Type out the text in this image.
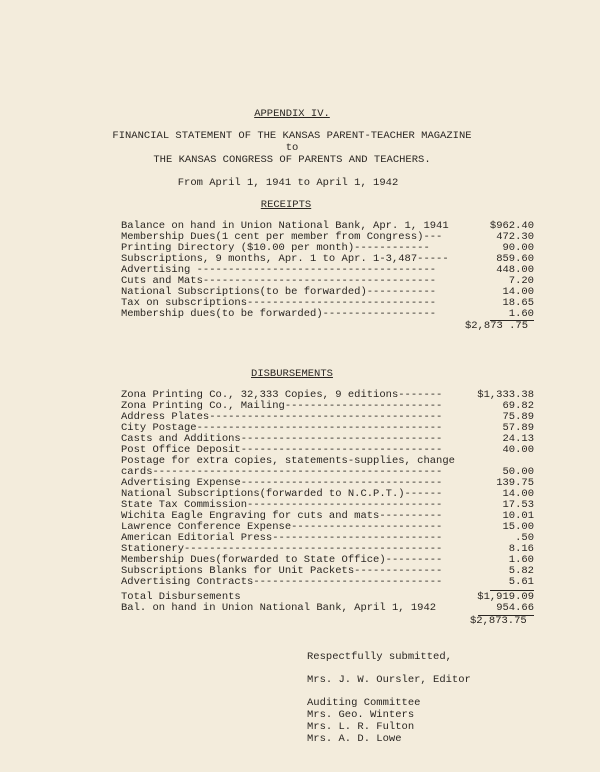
APPENDIX IV.
FINANCIAL STATEMENT OF THE KANSAS PARENT-TEACHER MAGAZINE
to
THE KANSAS CONGRESS OF PARENTS AND TEACHERS.
From April 1, 1941 to April 1, 1942
RECEIPTS
Balance on hand in Union National Bank, Apr. 1, 1941	$962.40
Membership Dues(1 cent per member from Congress)---	472.30
Printing Directory ($10.00 per month)------------	90.00
Subscriptions, 9 months, Apr. 1 to Apr. 1-3,487-----	859.60
Advertising --------------------------------------	448.00
Cuts and Mats-------------------------------------	7.20
National Subscriptions(to be forwarded)-----------	14.00
Tax on subscriptions------------------------------	18.65
Membership dues(to be forwarded)------------------	1.60
$2,873 .75
DISBURSEMENTS
Zona Printing Co., 32,333 Copies, 9 editions-------	$1,333.38
Zona Printing Co., Mailing-------------------------	69.82
Address Plates-------------------------------------	75.89
City Postage---------------------------------------	57.89
Casts and Additions--------------------------------	24.13
Post Office Deposit--------------------------------	40.00
Postage for extra copies, statements-supplies, change
cards----------------------------------------------	50.00
Advertising Expense--------------------------------	139.75
National Subscriptions(forwarded to N.C.P.T.)------	14.00
State Tax Commission-------------------------------	17.53
Wichita Eagle Engraving for cuts and mats----------	10.01
Lawrence Conference Expense------------------------	15.00
American Editorial Press---------------------------	.50
Stationery-----------------------------------------	8.16
Membership Dues(forwarded to State Office)---------	1.60
Subscriptions Blanks for Unit Packets--------------	5.82
Advertising Contracts------------------------------	5.61
Total Disbursements	$1,919.09
Bal. on hand in Union National Bank, April 1, 1942	954.66
$2,873.75
Respectfully submitted,
Mrs. J. W. Oursler, Editor
Auditing Committee
Mrs. Geo. Winters
Mrs. L. R. Fulton
Mrs. A. D. Lowe
